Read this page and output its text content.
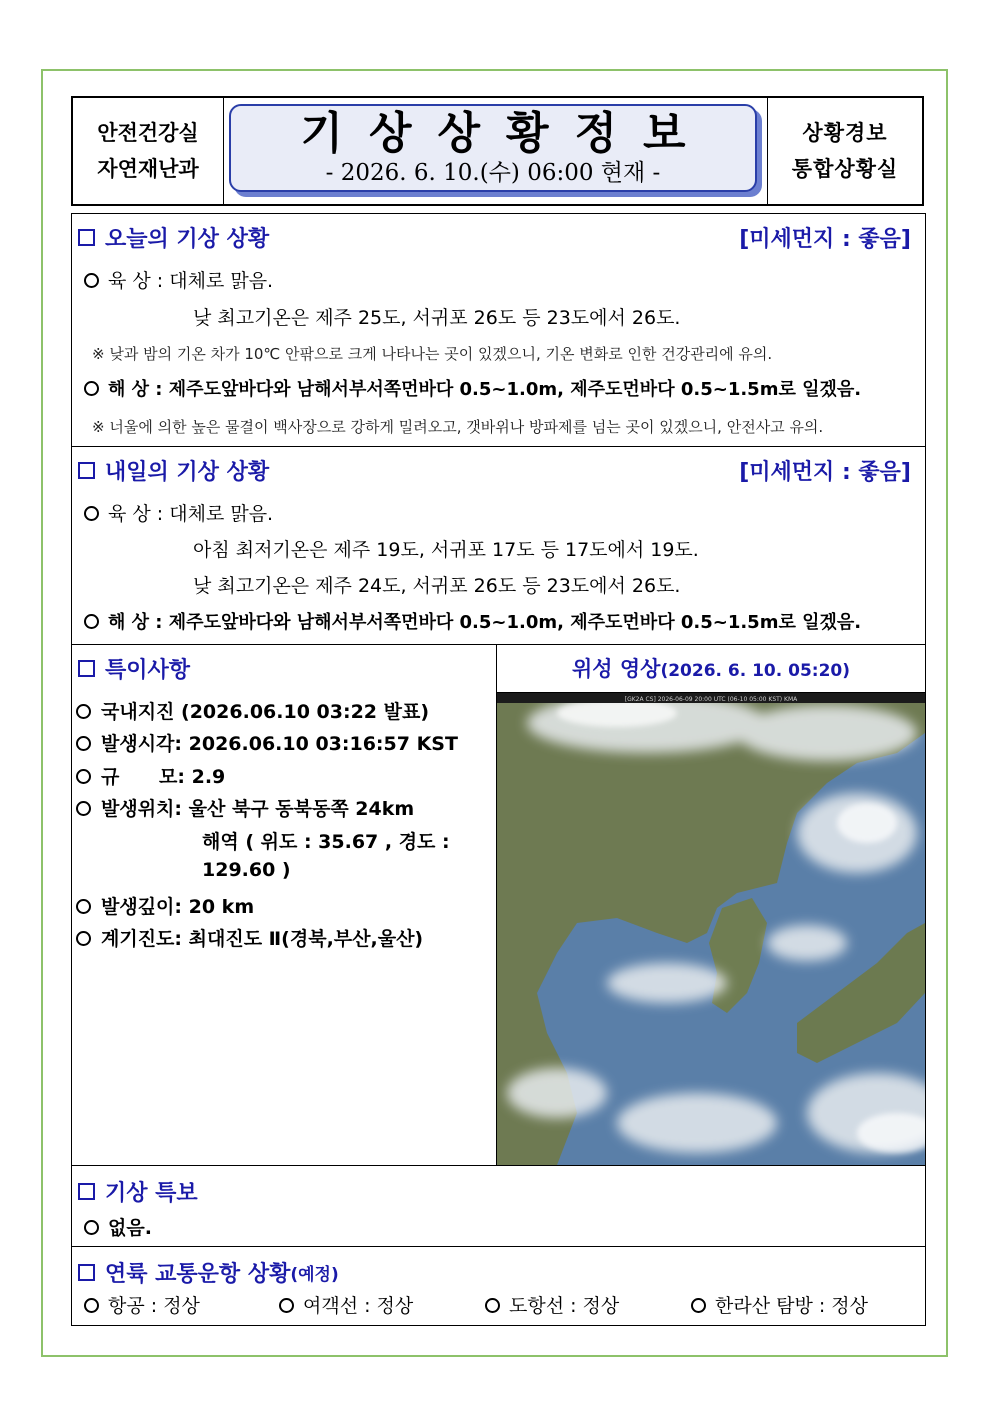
안전건강실
자연재난과
기상상황정보
- 2026. 6. 10.(수) 06:00 현재 -
상황경보
통합상황실
오늘의 기상 상황	[미세먼지 : 좋음]
육 상 : 대체로 맑음.
낮 최고기온은 제주 25도, 서귀포 26도 등 23도에서 26도.
※ 낮과 밤의 기온 차가 10℃ 안팎으로 크게 나타나는 곳이 있겠으니, 기온 변화로 인한 건강관리에 유의.
해 상 : 제주도앞바다와 남해서부서쪽먼바다 0.5~1.0m, 제주도먼바다 0.5~1.5m로 일겠음.
※ 너울에 의한 높은 물결이 백사장으로 강하게 밀려오고, 갯바위나 방파제를 넘는 곳이 있겠으니, 안전사고 유의.
내일의 기상 상황	[미세먼지 : 좋음]
육 상 : 대체로 맑음.
아침 최저기온은 제주 19도, 서귀포 17도 등 17도에서 19도.
낮 최고기온은 제주 24도, 서귀포 26도 등 23도에서 26도.
해 상 : 제주도앞바다와 남해서부서쪽먼바다 0.5~1.0m, 제주도먼바다 0.5~1.5m로 일겠음.
특이사항
국내지진 (2026.06.10 03:22 발표)
발생시각: 2026.06.10 03:16:57 KST
규      모: 2.9
발생위치: 울산 북구 동북동쪽 24km
해역 ( 위도 : 35.67 , 경도 :
129.60 )
발생깊이: 20 km
계기진도: 최대진도 Ⅱ(경북,부산,울산)
위성 영상(2026. 6. 10. 05:20)
[GK2A CS] 2026-06-09 20:00 UTC (06-10 05:00 KST) KMA
기상 특보
없음.
연륙 교통운항 상황 (예정)
항공 : 정상	여객선 : 정상	도항선 : 정상	한라산 탐방 : 정상
